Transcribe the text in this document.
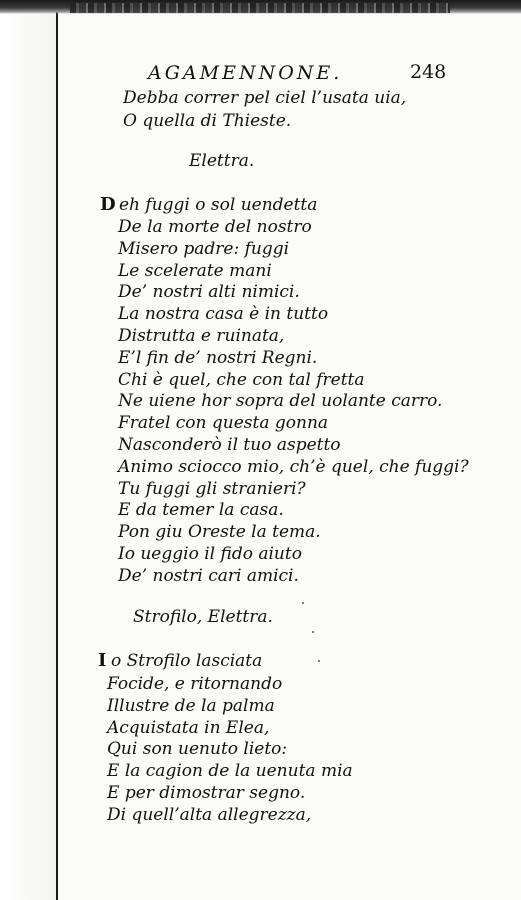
AGAMENNONE.	248
Debba correr pel ciel l’usata uia,
O quella di Thieste.
Elettra.
D eh fuggi o sol uendetta
De la morte del nostro
Misero padre: fuggi
Le scelerate mani
De’ nostri alti nimici.
La nostra casa è in tutto
Distrutta e ruinata,
E’l fin de’ nostri Regni.
Chi è quel, che con tal fretta
Ne uiene hor sopra del uolante carro.
Fratel con questa gonna
Nasconderò il tuo aspetto
Animo sciocco mio, ch’è quel, che fuggi?
Tu fuggi gli stranieri?
E da temer la casa.
Pon giu Oreste la tema.
Io ueggio il fido aiuto
De’ nostri cari amici.
Strofilo, Elettra.
I o Strofilo lasciata
Focide, e ritornando
Illustre de la palma
Acquistata in Elea,
Qui son uenuto lieto:
E la cagion de la uenuta mia
E per dimostrar segno.
Di quell’alta allegrezza,
